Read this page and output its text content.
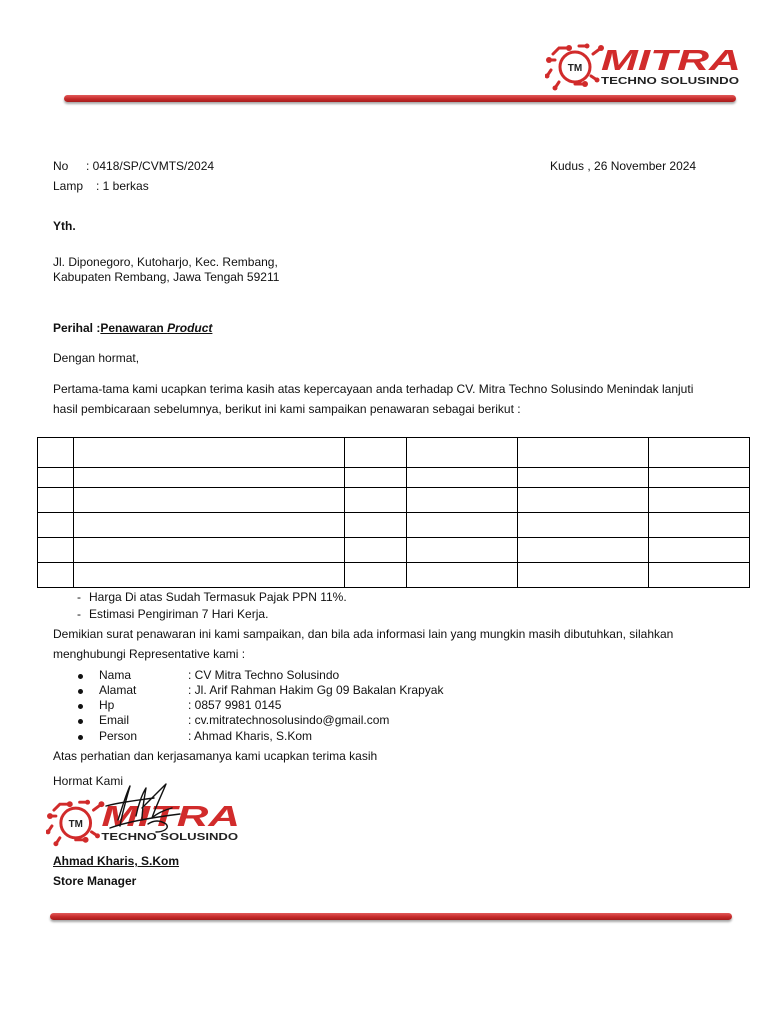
TM MITRA
TECHNO SOLUSINDO
No : 0418/SP/CVMTS/2024
Lamp : 1 berkas
Kudus , 26 November 2024
Yth.
Jl. Diponegoro, Kutoharjo, Kec. Rembang,
Kabupaten Rembang, Jawa Tengah 59211
Perihal :Penawaran Product
Dengan hormat,
Pertama-tama kami ucapkan terima kasih atas kepercayaan anda terhadap CV. Mitra Techno Solusindo Menindak lanjuti
hasil pembicaraan sebelumnya, berikut ini kami sampaikan penawaran sebagai berikut :

- Harga Di atas Sudah Termasuk Pajak PPN 11%.
- Estimasi Pengiriman 7 Hari Kerja.
Demikian surat penawaran ini kami sampaikan, dan bila ada informasi lain yang mungkin masih dibutuhkan, silahkan
menghubungi Representative kami :
Nama	: CV Mitra Techno Solusindo
Alamat	: Jl. Arif Rahman Hakim Gg 09 Bakalan Krapyak
Hp	: 0857 9981 0145
Email	: cv.mitratechnosolusindo@gmail.com
Person	: Ahmad Kharis, S.Kom
Atas perhatian dan kerjasamanya kami ucapkan terima kasih
Hormat Kami
TM MITRA
TECHNO SOLUSINDO
Ahmad Kharis, S.Kom
Store Manager
